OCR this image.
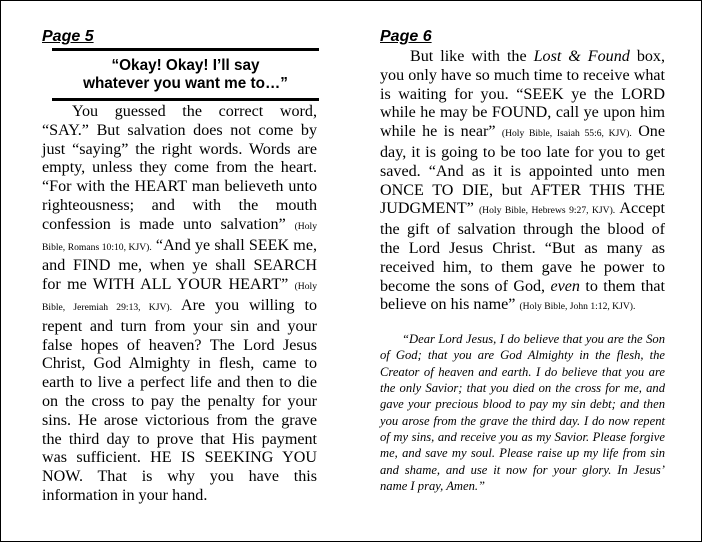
Page 5
“Okay! Okay! I’ll say
whatever you want me to…”

You guessed the correct word, “SAY.” But salvation does not come by just “saying” the right words. Words are empty, unless they come from the heart. “For with the HEART man believeth unto righteousness; and with the mouth confession is made unto salvation” (Holy Bible, Romans 10:10, KJV). “And ye shall SEEK me, and FIND me, when ye shall SEARCH for me WITH ALL YOUR HEART” (Holy Bible, Jeremiah 29:13, KJV). Are you willing to repent and turn from your sin and your false hopes of heaven? The Lord Jesus Christ, God Almighty in flesh, came to earth to live a perfect life and then to die on the cross to pay the penalty for your sins. He arose victorious from the grave the third day to prove that His payment was sufficient. HE IS SEEKING YOU NOW. That is why you have this information in your hand.

Page 6

But like with the Lost & Found box, you only have so much time to receive what is waiting for you. “SEEK ye the LORD while he may be FOUND, call ye upon him while he is near” (Holy Bible, Isaiah 55:6, KJV). One day, it is going to be too late for you to get saved. “And as it is appointed unto men ONCE TO DIE, but AFTER THIS THE JUDGMENT” (Holy Bible, Hebrews 9:27, KJV). Accept the gift of salvation through the blood of the Lord Jesus Christ. “But as many as received him, to them gave he power to become the sons of God, even to them that believe on his name” (Holy Bible, John 1:12, KJV).

“Dear Lord Jesus, I do believe that you are the Son of God; that you are God Almighty in the flesh, the Creator of heaven and earth. I do believe that you are the only Savior; that you died on the cross for me, and gave your precious blood to pay my sin debt; and then you arose from the grave the third day. I do now repent of my sins, and receive you as my Savior. Please forgive me, and save my soul. Please raise up my life from sin and shame, and use it now for your glory. In Jesus’ name I pray, Amen.”
